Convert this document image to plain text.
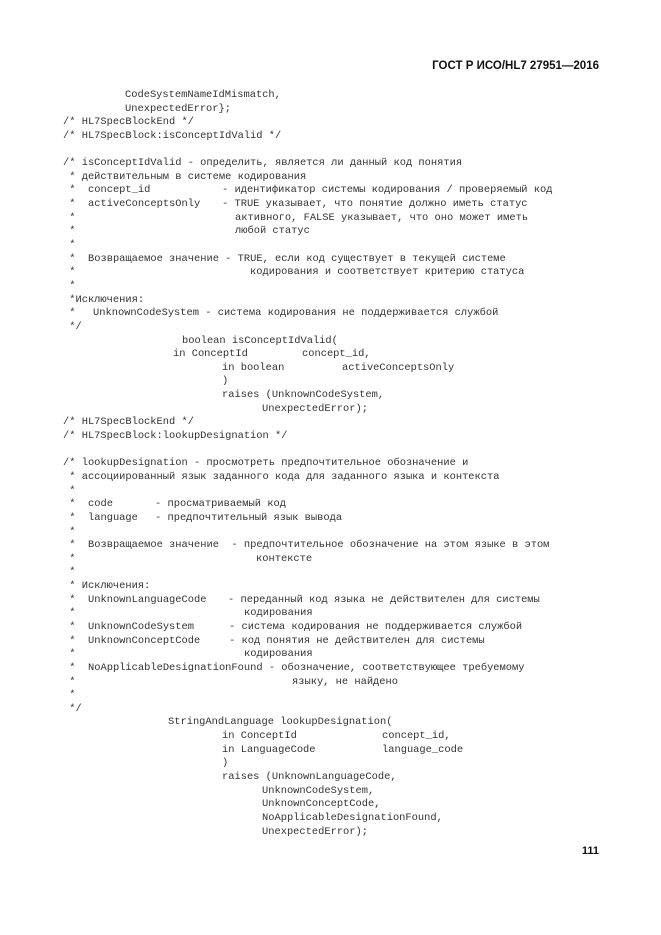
ГОСТ Р ИСО/HL7 27951—2016
CodeSystemNameIdMismatch,
UnexpectedError};
/* HL7SpecBlockEnd */
/* HL7SpecBlock:isConceptIdValid */
/* isConceptIdValid - определить, является ли данный код понятия
* действительным в системе кодирования
* concept_id	- идентификатор системы кодирования / проверяемый код
* activeConceptsOnly - TRUE указывает, что понятие должно иметь статус
*	активного, FALSE указывает, что оно может иметь
*	любой статус
*
* Возвращаемое значение - TRUE, если код существует в текущей системе
*	кодирования и соответствует критерию статуса
*
*Исключения:
* UnknownCodeSystem - система кодирования не поддерживается службой
*/
boolean isConceptIdValid(
in ConceptId	concept_id,
in boolean	activeConceptsOnly
)
raises (UnknownCodeSystem,
UnexpectedError);
/* HL7SpecBlockEnd */
/* HL7SpecBlock:lookupDesignation */
/* lookupDesignation - просмотреть предпочтительное обозначение и
* ассоциированный язык заданного кода для заданного языка и контекста
*
* code	- просматриваемый код
* language - предпочтительный язык вывода
*
* Возвращаемое значение  - предпочтительное обозначение на этом языке в этом
*	контексте
*
* Исключения:
* UnknownLanguageCode - переданный код языка не действителен для системы
*	кодирования
* UnknownCodeSystem	- система кодирования не поддерживается службой
* UnknownConceptCode	- код понятия не действителен для системы
*	кодирования
* NoApplicableDesignationFound - обозначение, соответствующее требуемому
*	языку, не найдено
*
*/
StringAndLanguage lookupDesignation(
in ConceptId	concept_id,
in LanguageCode	language_code
)
raises (UnknownLanguageCode,
UnknownCodeSystem,
UnknownConceptCode,
NoApplicableDesignationFound,
UnexpectedError);
111
